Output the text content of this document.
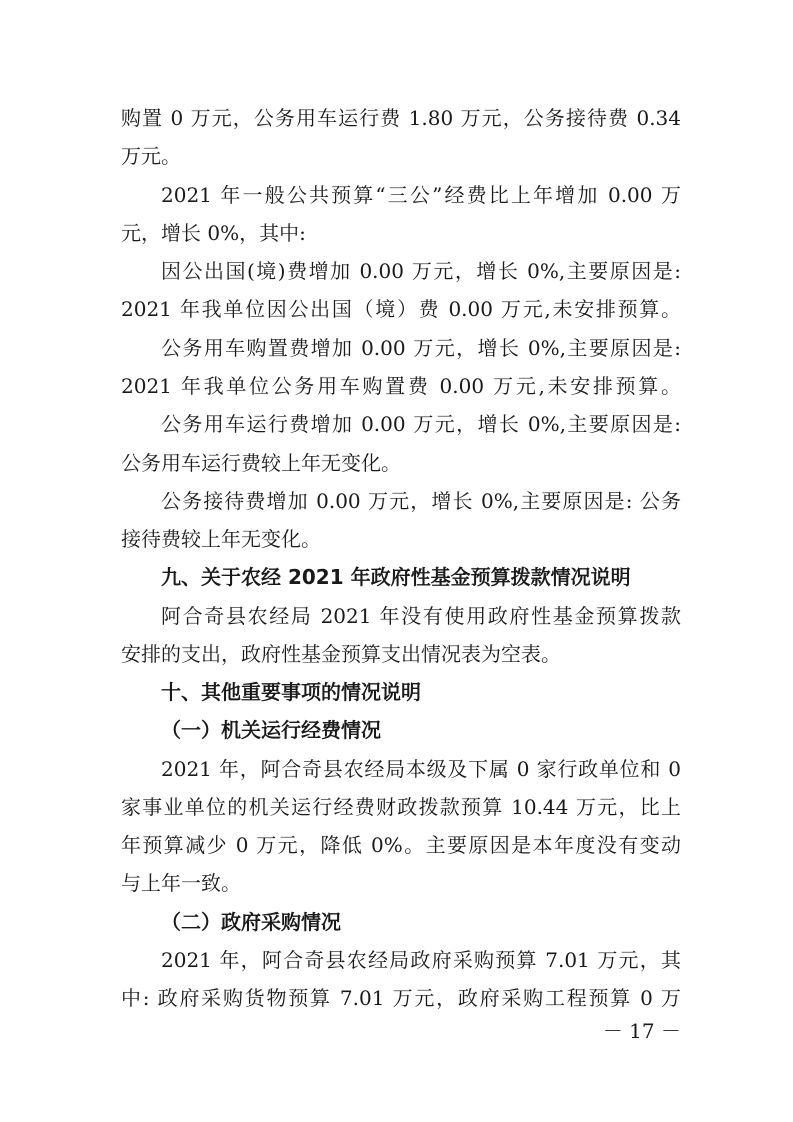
购置 0 万元，公务用车运行费 1.80 万元，公务接待费 0.34
万元。
2021 年一般公共预算“三公”经费比上年增加 0.00 万
元，增长 0%，其中:
因公出国(境)费增加 0.00 万元，增长 0%,主要原因是:
2021 年我单位因公出国（境）费 0.00 万元,未安排预算。
公务用车购置费增加 0.00 万元，增长 0%,主要原因是:
2021 年我单位公务用车购置费 0.00 万元,未安排预算。
公务用车运行费增加 0.00 万元，增长 0%,主要原因是:
公务用车运行费较上年无变化。
公务接待费增加 0.00 万元，增长 0%,主要原因是: 公务
接待费较上年无变化。
九、关于农经 2021 年政府性基金预算拨款情况说明
阿合奇县农经局 2021 年没有使用政府性基金预算拨款
安排的支出，政府性基金预算支出情况表为空表。
十、其他重要事项的情况说明
（一）机关运行经费情况
2021 年，阿合奇县农经局本级及下属 0 家行政单位和 0
家事业单位的机关运行经费财政拨款预算 10.44 万元，比上
年预算减少 0 万元，降低 0%。主要原因是本年度没有变动
与上年一致。
（二）政府采购情况
2021 年，阿合奇县农经局政府采购预算 7.01 万元，其
中: 政府采购货物预算 7.01 万元，政府采购工程预算 0 万
－ 17 －
